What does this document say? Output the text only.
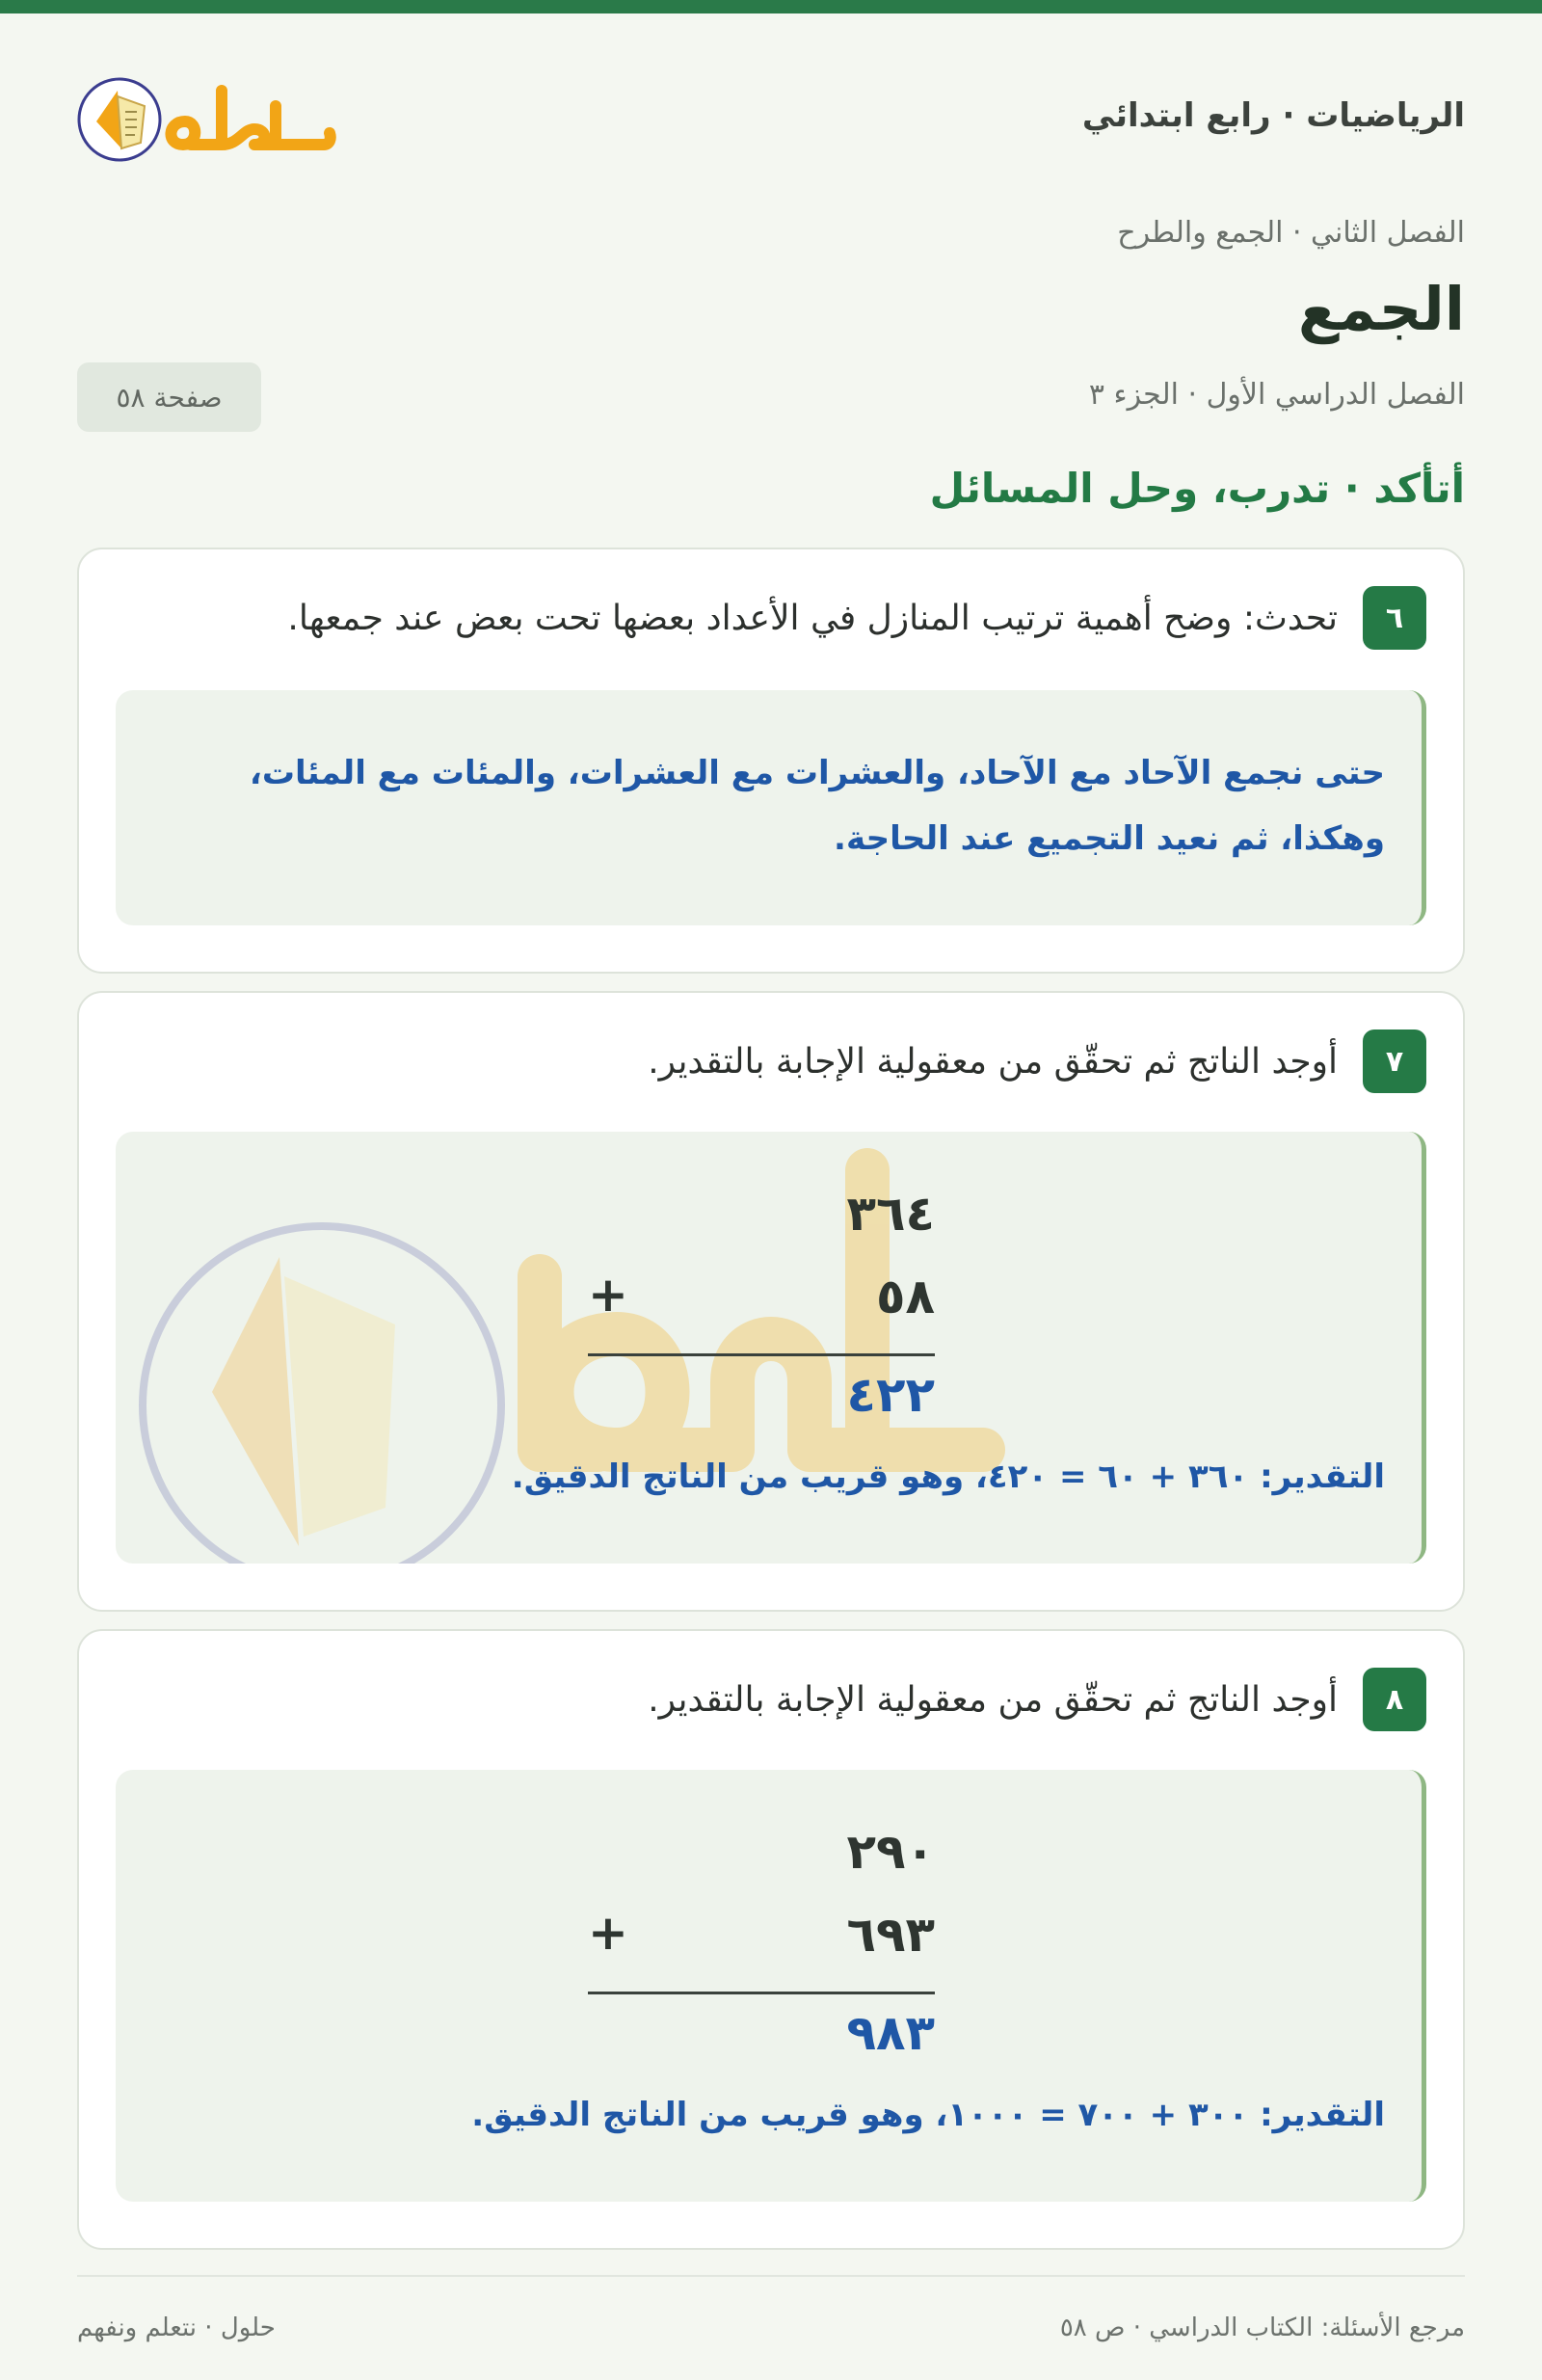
الرياضيات · رابع ابتدائي
الفصل الثاني · الجمع والطرح
الجمع
الفصل الدراسي الأول · الجزء ٣
صفحة ٥٨
أتأكد · تدرب، وحل المسائل
٦
تحدث: وضح أهمية ترتيب المنازل في الأعداد بعضها تحت بعض عند جمعها.
حتى نجمع الآحاد مع الآحاد، والعشرات مع العشرات، والمئات مع المئات، وهكذا، ثم نعيد التجميع عند الحاجة.
٧
أوجد الناتج ثم تحقّق من معقولية الإجابة بالتقدير.
٣٦٤
+	٥٨
٤٢٢
التقدير: ٣٦٠ + ٦٠ = ٤٢٠، وهو قريب من الناتج الدقيق.
٨
أوجد الناتج ثم تحقّق من معقولية الإجابة بالتقدير.
٢٩٠
+	٦٩٣
٩٨٣
التقدير: ٣٠٠ + ٧٠٠ = ١٠٠٠، وهو قريب من الناتج الدقيق.
مرجع الأسئلة: الكتاب الدراسي · ص ٥٨
حلول · نتعلم ونفهم
